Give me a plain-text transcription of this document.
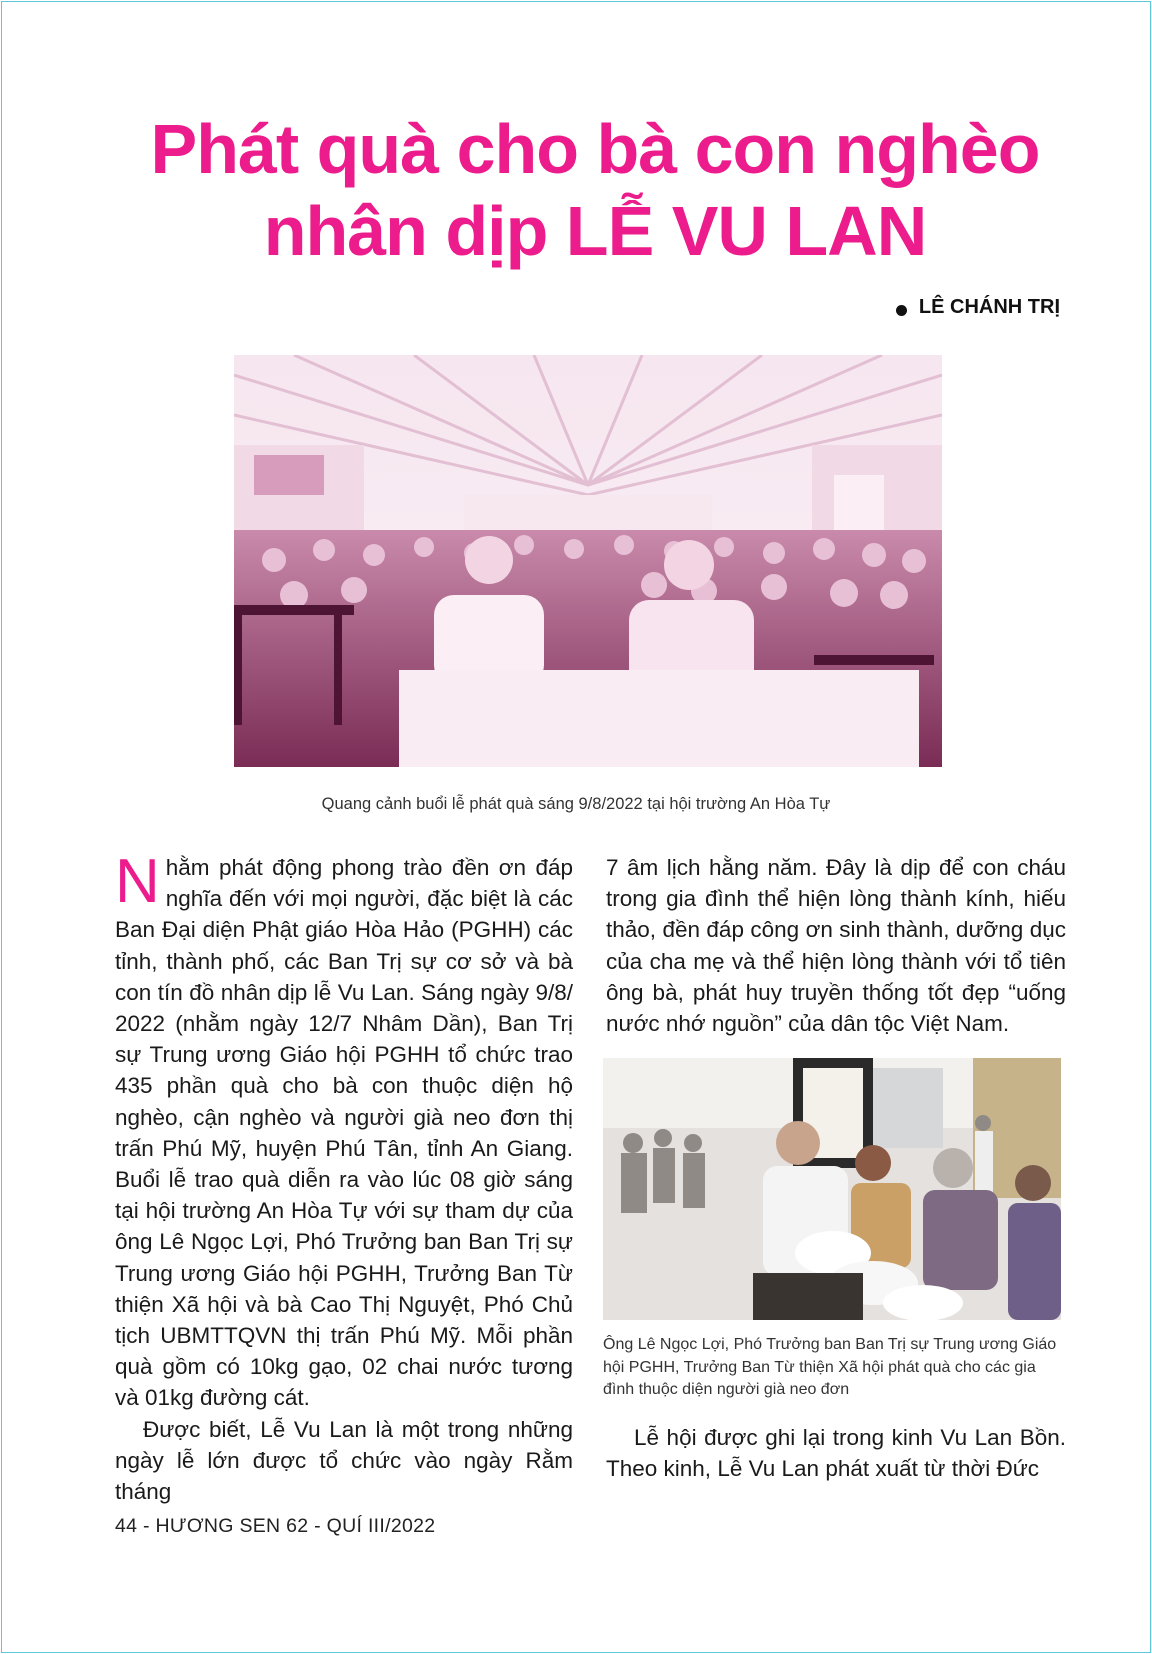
Phát quà cho bà con nghèo
nhân dịp LỄ VU LAN
LÊ CHÁNH TRỊ
Quang cảnh buổi lễ phát quà sáng 9/8/2022 tại hội trường An Hòa Tự

Nhằm phát động phong trào đền ơn đáp nghĩa đến với mọi người, đặc biệt là các Ban Đại diện Phật giáo Hòa Hảo (PGHH) các tỉnh, thành phố, các Ban Trị sự cơ sở và bà con tín đồ nhân dịp lễ Vu Lan. Sáng ngày 9/8/ 2022 (nhằm ngày 12/7 Nhâm Dần), Ban Trị sự Trung ương Giáo hội PGHH tổ chức trao 435 phần quà cho bà con thuộc diện hộ nghèo, cận nghèo và người già neo đơn thị trấn Phú Mỹ, huyện Phú Tân, tỉnh An Giang. Buổi lễ trao quà diễn ra vào lúc 08 giờ sáng tại hội trường An Hòa Tự với sự tham dự của ông Lê Ngọc Lợi, Phó Trưởng ban Ban Trị sự Trung ương Giáo hội PGHH, Trưởng Ban Từ thiện Xã hội và bà Cao Thị Nguyệt, Phó Chủ tịch UBMTTQVN thị trấn Phú Mỹ. Mỗi phần quà gồm có 10kg gạo, 02 chai nước tương và 01kg đường cát.

Được biết, Lễ Vu Lan là một trong những ngày lễ lớn được tổ chức vào ngày Rằm tháng

7 âm lịch hằng năm. Đây là dịp để con cháu trong gia đình thể hiện lòng thành kính, hiếu thảo, đền đáp công ơn sinh thành, dưỡng dục của cha mẹ và thể hiện lòng thành với tổ tiên ông bà, phát huy truyền thống tốt đẹp “uống nước nhớ nguồn” của dân tộc Việt Nam.

Ông Lê Ngọc Lợi, Phó Trưởng ban Ban Trị sự Trung ương Giáo hội PGHH, Trưởng Ban Từ thiện Xã hội phát quà cho các gia đình thuộc diện người già neo đơn

Lễ hội được ghi lại trong kinh Vu Lan Bồn. Theo kinh, Lễ Vu Lan phát xuất từ thời Đức

44 - HƯƠNG SEN 62 - QUÍ III/2022
